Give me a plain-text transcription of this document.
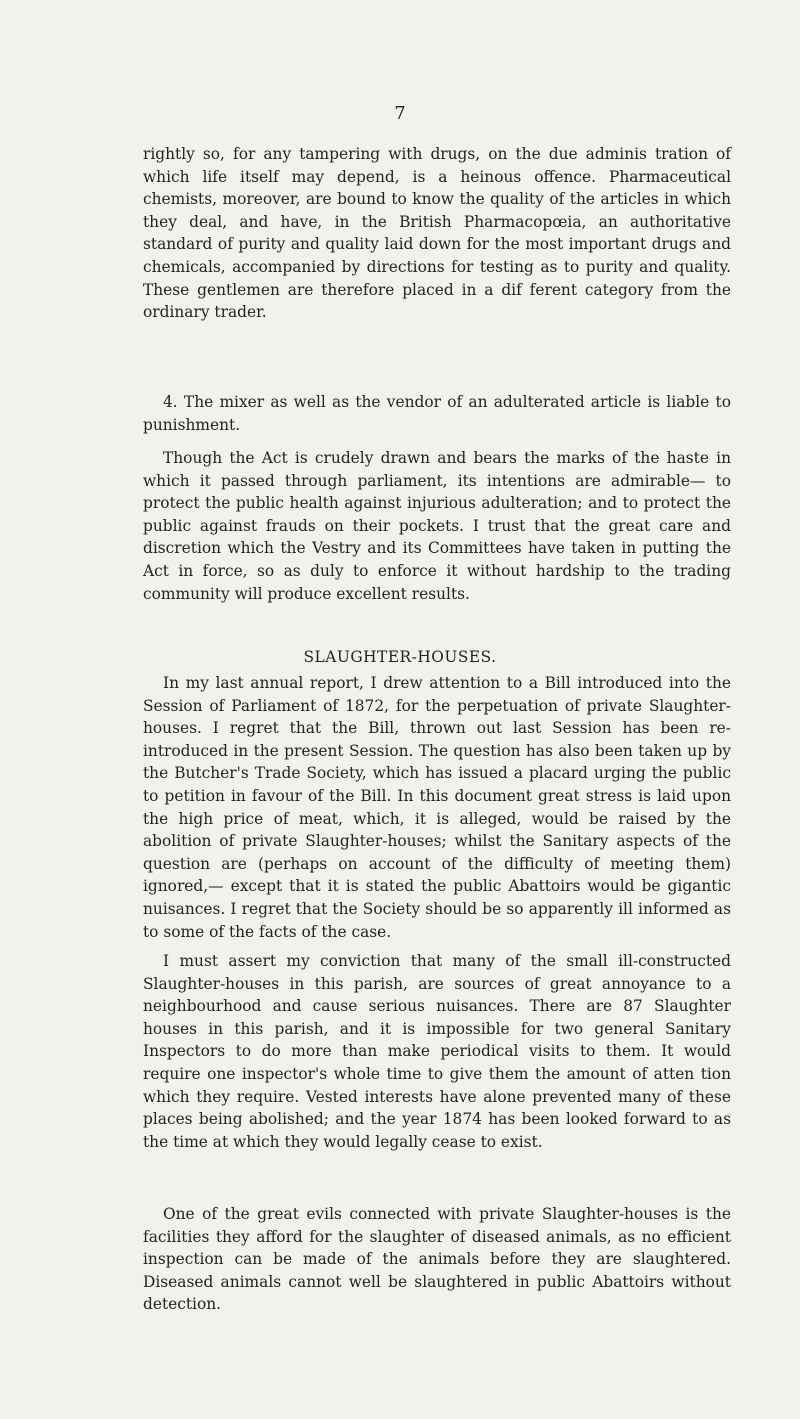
7

rightly so, for any tampering with drugs, on the due adminis tration of which life itself may depend, is a heinous offence. Pharmaceutical chemists, moreover, are bound to know the quality of the articles in which they deal, and have, in the British Pharmacopœia, an authoritative standard of purity and quality laid down for the most important drugs and chemicals, accompanied by directions for testing as to purity and quality. These gentlemen are therefore placed in a dif ferent category from the ordinary trader.

4. The mixer as well as the vendor of an adulterated article is liable to punishment.

Though the Act is crudely drawn and bears the marks of the haste in which it passed through parliament, its intentions are admirable— to protect the public health against injurious adulteration; and to protect the public against frauds on their pockets. I trust that the great care and discretion which the Vestry and its Committees have taken in putting the Act in force, so as duly to enforce it without hardship to the trading community will produce excellent results.

SLAUGHTER-HOUSES.

In my last annual report, I drew attention to a Bill introduced into the Session of Parliament of 1872, for the perpetuation of private Slaughter-houses. I regret that the Bill, thrown out last Session has been re-introduced in the present Session. The question has also been taken up by the Butcher's Trade Society, which has issued a placard urging the public to petition in favour of the Bill. In this document great stress is laid upon the high price of meat, which, it is alleged, would be raised by the abolition of private Slaughter-houses; whilst the Sanitary aspects of the question are (perhaps on account of the difficulty of meeting them) ignored,— except that it is stated the public Abattoirs would be gigantic nuisances. I regret that the Society should be so apparently ill informed as to some of the facts of the case.

I must assert my conviction that many of the small ill-constructed Slaughter-houses in this parish, are sources of great annoyance to a neighbourhood and cause serious nuisances. There are 87 Slaughter houses in this parish, and it is impossible for two general Sanitary Inspectors to do more than make periodical visits to them. It would require one inspector's whole time to give them the amount of atten tion which they require. Vested interests have alone prevented many of these places being abolished; and the year 1874 has been looked forward to as the time at which they would legally cease to exist.

One of the great evils connected with private Slaughter-houses is the facilities they afford for the slaughter of diseased animals, as no efficient inspection can be made of the animals before they are slaughtered. Diseased animals cannot well be slaughtered in public Abattoirs without detection.
